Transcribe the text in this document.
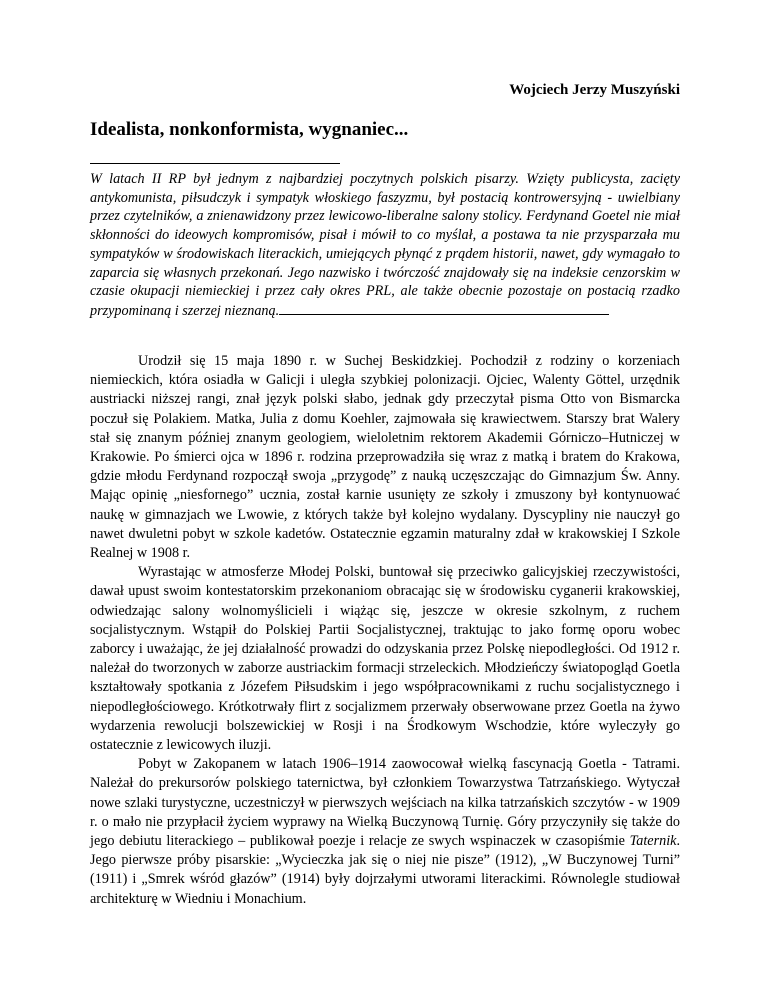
Wojciech Jerzy Muszyński
Idealista, nonkonformista, wygnaniec...

W latach II RP był jednym z najbardziej poczytnych polskich pisarzy. Wzięty publicysta, zacięty antykomunista, piłsudczyk i sympatyk włoskiego faszyzmu, był postacią kontrowersyjną - uwielbiany przez czytelników, a znienawidzony przez lewicowo-liberalne salony stolicy. Ferdynand Goetel nie miał skłonności do ideowych kompromisów, pisał i mówił to co myślał, a postawa ta nie przysparzała mu sympatyków w środowiskach literackich, umiejących płynąć z prądem historii, nawet, gdy wymagało to zaparcia się własnych przekonań. Jego nazwisko i twórczość znajdowały się na indeksie cenzorskim w czasie okupacji niemieckiej i przez cały okres PRL, ale także obecnie pozostaje on postacią rzadko przypominaną i szerzej nieznaną.

Urodził się 15 maja 1890 r. w Suchej Beskidzkiej. Pochodził z rodziny o korzeniach niemieckich, która osiadła w Galicji i uległa szybkiej polonizacji. Ojciec, Walenty Göttel, urzędnik austriacki niższej rangi, znał język polski słabo, jednak gdy przeczytał pisma Otto von Bismarcka poczuł się Polakiem. Matka, Julia z domu Koehler, zajmowała się krawiectwem. Starszy brat Walery stał się znanym później znanym geologiem, wieloletnim rektorem Akademii Górniczo–Hutniczej w Krakowie. Po śmierci ojca w 1896 r. rodzina przeprowadziła się wraz z matką i bratem do Krakowa, gdzie młodu Ferdynand rozpoczął swoja „przygodę” z nauką uczęszczając do Gimnazjum Św. Anny. Mając opinię „niesfornego” ucznia, został karnie usunięty ze szkoły i zmuszony był kontynuować naukę w gimnazjach we Lwowie, z których także był kolejno wydalany. Dyscypliny nie nauczył go nawet dwuletni pobyt w szkole kadetów. Ostatecznie egzamin maturalny zdał w krakowskiej I Szkole Realnej w 1908 r.

Wyrastając w atmosferze Młodej Polski, buntował się przeciwko galicyjskiej rzeczywistości, dawał upust swoim kontestatorskim przekonaniom obracając się w środowisku cyganerii krakowskiej, odwiedzając salony wolnomyślicieli i wiążąc się, jeszcze w okresie szkolnym, z ruchem socjalistycznym. Wstąpił do Polskiej Partii Socjalistycznej, traktując to jako formę oporu wobec zaborcy i uważając, że jej działalność prowadzi do odzyskania przez Polskę niepodległości. Od 1912 r. należał do tworzonych w zaborze austriackim formacji strzeleckich. Młodzieńczy światopogląd Goetla kształtowały spotkania z Józefem Piłsudskim i jego współpracownikami z ruchu socjalistycznego i niepodległościowego. Krótkotrwały flirt z socjalizmem przerwały obserwowane przez Goetla na żywo wydarzenia rewolucji bolszewickiej w Rosji i na Środkowym Wschodzie, które wyleczyły go ostatecznie z lewicowych iluzji.

Pobyt w Zakopanem w latach 1906–1914 zaowocował wielką fascynacją Goetla - Tatrami. Należał do prekursorów polskiego taternictwa, był członkiem Towarzystwa Tatrzańskiego. Wytyczał nowe szlaki turystyczne, uczestniczył w pierwszych wejściach na kilka tatrzańskich szczytów - w 1909 r. o mało nie przypłacił życiem wyprawy na Wielką Buczynową Turnię. Góry przyczyniły się także do jego debiutu literackiego – publikował poezje i relacje ze swych wspinaczek w czasopiśmie Taternik. Jego pierwsze próby pisarskie: „Wycieczka jak się o niej nie pisze” (1912), „W Buczynowej Turni” (1911) i „Smrek wśród głazów” (1914) były dojrzałymi utworami literackimi. Równolegle studiował architekturę w Wiedniu i Monachium.
